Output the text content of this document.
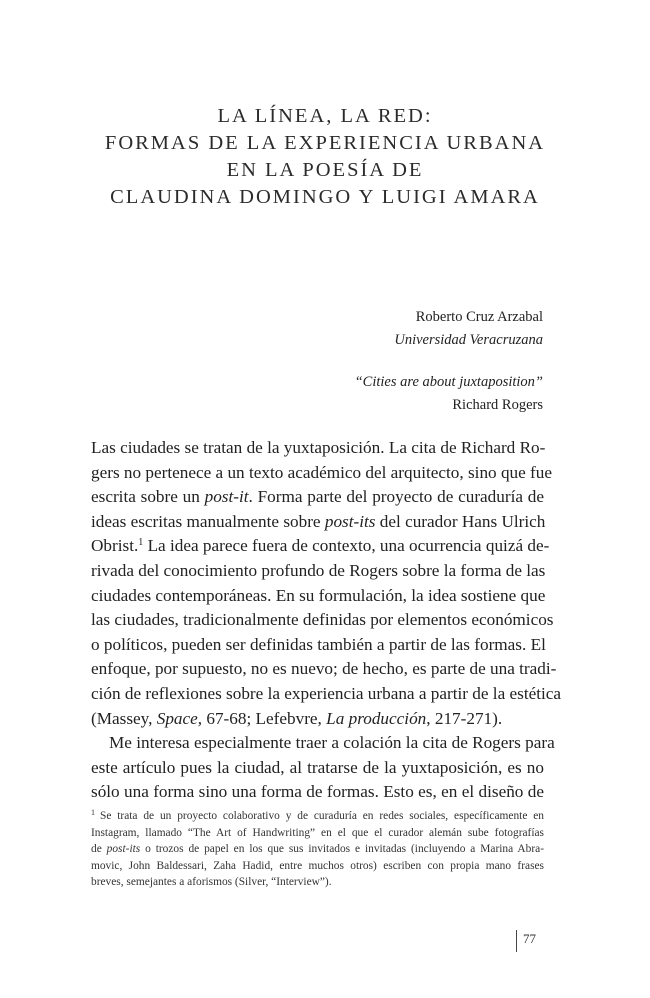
LA LÍNEA, LA RED:
FORMAS DE LA EXPERIENCIA URBANA
EN LA POESÍA DE
CLAUDINA DOMINGO Y LUIGI AMARA
Roberto Cruz Arzabal
Universidad Veracruzana
“Cities are about juxtaposition”
Richard Rogers
Las ciudades se tratan de la yuxtaposición. La cita de Richard Ro-
gers no pertenece a un texto académico del arquitecto, sino que fue
escrita sobre un post-it. Forma parte del proyecto de curaduría de
ideas escritas manualmente sobre post-its del curador Hans Ulrich
Obrist.$^1$ La idea parece fuera de contexto, una ocurrencia quizá de-
rivada del conocimiento profundo de Rogers sobre la forma de las
ciudades contemporáneas. En su formulación, la idea sostiene que
las ciudades, tradicionalmente definidas por elementos económicos
o políticos, pueden ser definidas también a partir de las formas. El
enfoque, por supuesto, no es nuevo; de hecho, es parte de una tradi-
ción de reflexiones sobre la experiencia urbana a partir de la estética
(Massey, Space, 67-68; Lefebvre, La producción, 217-271).
Me interesa especialmente traer a colación la cita de Rogers para
este artículo pues la ciudad, al tratarse de la yuxtaposición, es no
sólo una forma sino una forma de formas. Esto es, en el diseño de
$^1$ Se trata de un proyecto colaborativo y de curaduría en redes sociales, específicamente en
Instagram, llamado “The Art of Handwriting” en el que el curador alemán sube fotografías
de post-its o trozos de papel en los que sus invitados e invitadas (incluyendo a Marina Abra-
movic, John Baldessari, Zaha Hadid, entre muchos otros) escriben con propia mano frases
breves, semejantes a aforismos (Silver, “Interview”).
77
